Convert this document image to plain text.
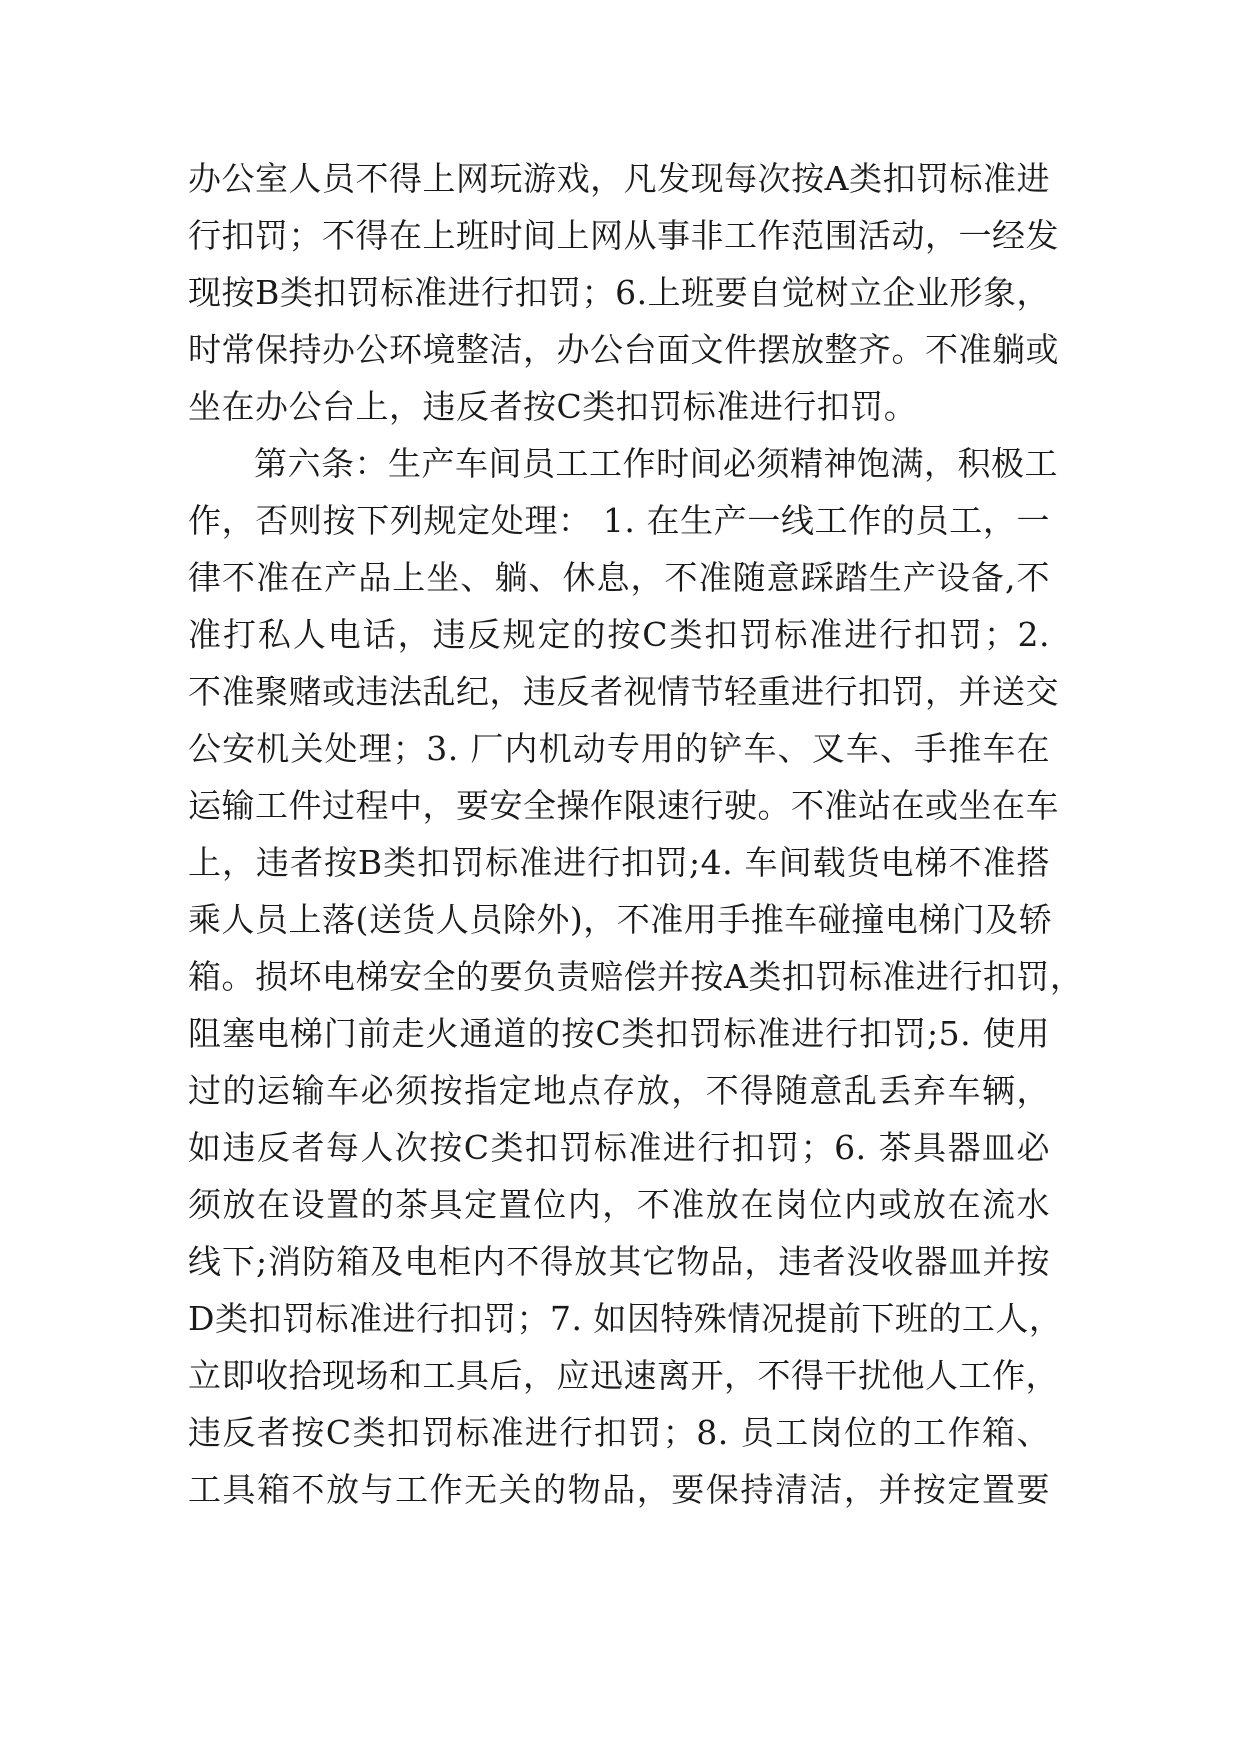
办公室人员不得上网玩游戏，凡发现每次按A类扣罚标准进
行扣罚；不得在上班时间上网从事非工作范围活动，一经发
现按B类扣罚标准进行扣罚；6.上班要自觉树立企业形象，
时常保持办公环境整洁，办公台面文件摆放整齐。不准躺或
坐在办公台上，违反者按C类扣罚标准进行扣罚。
第六条：生产车间员工工作时间必须精神饱满，积极工
作，否则按下列规定处理： 1. 在生产一线工作的员工，一
律不准在产品上坐、躺、休息，不准随意踩踏生产设备,不
准打私人电话，违反规定的按C类扣罚标准进行扣罚；2.
不准聚赌或违法乱纪，违反者视情节轻重进行扣罚，并送交
公安机关处理；3. 厂内机动专用的铲车、叉车、手推车在
运输工件过程中，要安全操作限速行驶。不准站在或坐在车
上，违者按B类扣罚标准进行扣罚;4. 车间载货电梯不准搭
乘人员上落(送货人员除外)，不准用手推车碰撞电梯门及轿
箱。损坏电梯安全的要负责赔偿并按A类扣罚标准进行扣罚，
阻塞电梯门前走火通道的按C类扣罚标准进行扣罚;5. 使用
过的运输车必须按指定地点存放，不得随意乱丢弃车辆，
如违反者每人次按C类扣罚标准进行扣罚；6. 茶具器皿必
须放在设置的茶具定置位内，不准放在岗位内或放在流水
线下;消防箱及电柜内不得放其它物品，违者没收器皿并按
D类扣罚标准进行扣罚；7. 如因特殊情况提前下班的工人，
立即收拾现场和工具后，应迅速离开，不得干扰他人工作，
违反者按C类扣罚标准进行扣罚；8. 员工岗位的工作箱、
工具箱不放与工作无关的物品，要保持清洁，并按定置要
